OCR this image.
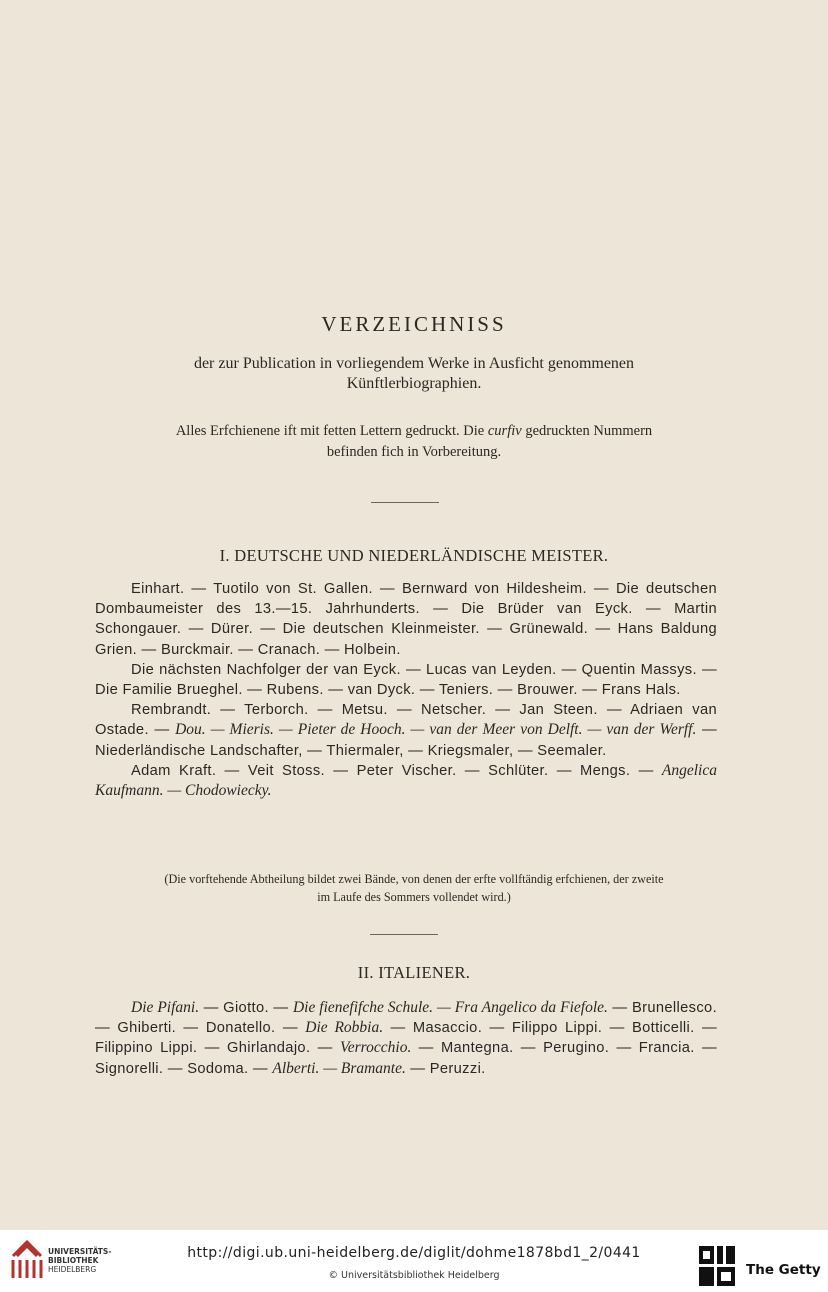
VERZEICHNISS
der zur Publication in vorliegendem Werke in Ausficht genommenen
Künftlerbiographien.
Alles Erfchienene ift mit fetten Lettern gedruckt. Die curfiv gedruckten Nummern
befinden fich in Vorbereitung.
I. DEUTSCHE UND NIEDERLÄNDISCHE MEISTER.

Einhart. — Tuotilo von St. Gallen. — Bernward von Hildesheim. — Die deutschen Dombaumeister des 13.—15. Jahrhunderts. — Die Brüder van Eyck. — Martin Schongauer. — Dürer. — Die deutschen Kleinmeister. — Grünewald. — Hans Baldung Grien. — Burckmair. — Cranach. — Holbein.

Die nächsten Nachfolger der van Eyck. — Lucas van Leyden. — Quentin Massys. — Die Familie Brueghel. — Rubens. — van Dyck. — Teniers. — Brouwer. — Frans Hals.

Rembrandt. — Terborch. — Metsu. — Netscher. — Jan Steen. — Adriaen van Ostade. — Dou. — Mieris. — Pieter de Hooch. — van der Meer von Delft. — van der Werff. — Niederländische Landschafter, — Thiermaler, — Kriegsmaler, — Seemaler.

Adam Kraft. — Veit Stoss. — Peter Vischer. — Schlüter. — Mengs. — Angelica Kaufmann. — Chodowiecky.

(Die vorftehende Abtheilung bildet zwei Bände, von denen der erfte vollftändig erfchienen, der zweite
im Laufe des Sommers vollendet wird.)
II. ITALIENER.

Die Pifani. — Giotto. — Die fienefifche Schule. — Fra Angelico da Fiefole. — Brunellesco. — Ghiberti. — Donatello. — Die Robbia. — Masaccio. — Filippo Lippi. — Botticelli. — Filippino Lippi. — Ghirlandajo. — Verrocchio. — Mantegna. — Perugino. — Francia. — Signorelli. — Sodoma. — Alberti. — Bramante. — Peruzzi.

UNIVERSITÄTS-
BIBLIOTHEK
HEIDELBERG
http://digi.ub.uni-heidelberg.de/diglit/dohme1878bd1_2/0441
© Universitätsbibliothek Heidelberg	The Getty
